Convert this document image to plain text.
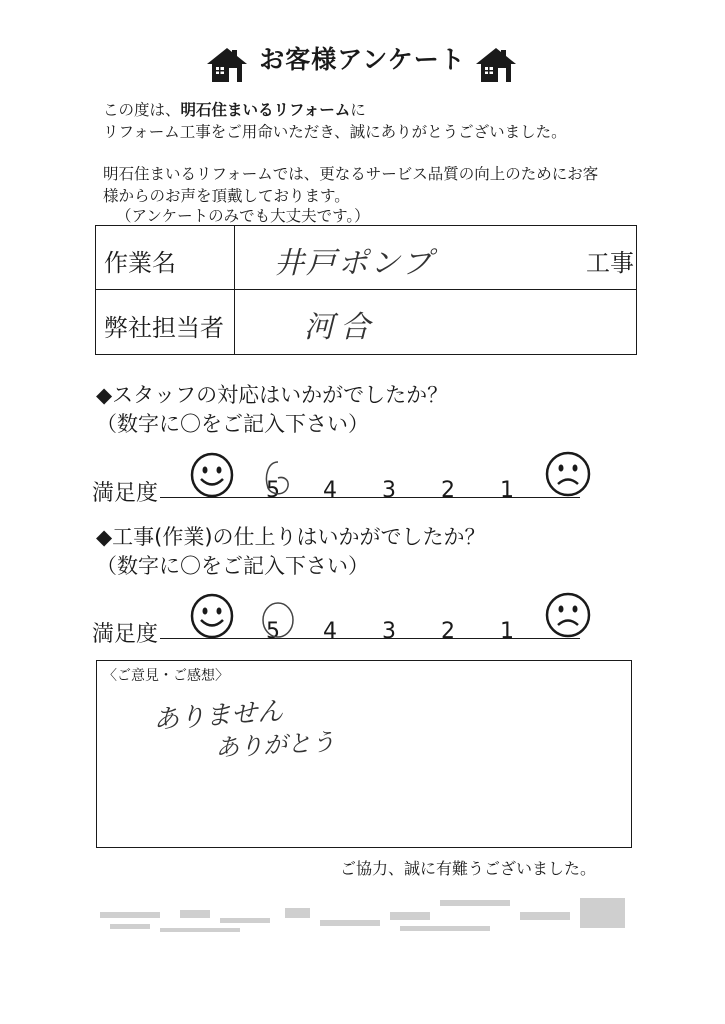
お客様アンケート
この度は、明石住まいるリフォームに
リフォーム工事をご用命いただき、誠にありがとうございました。
明石住まいるリフォームでは、更なるサービス品質の向上のためにお客
様からのお声を頂戴しております。
（アンケートのみでも大丈夫です。）
作業名	井戸ポンプ	工事
弊社担当者	河合
◆スタッフの対応はいかがでしたか？
（数字に〇をご記入下さい）
満足度	5 4 3 2 1
◆工事(作業)の仕上りはいかがでしたか？
（数字に〇をご記入下さい）
満足度	5 4 3 2 1
〈ご意見・ご感想〉
ありません
ありがとう
ご協力、誠に有難うございました。
